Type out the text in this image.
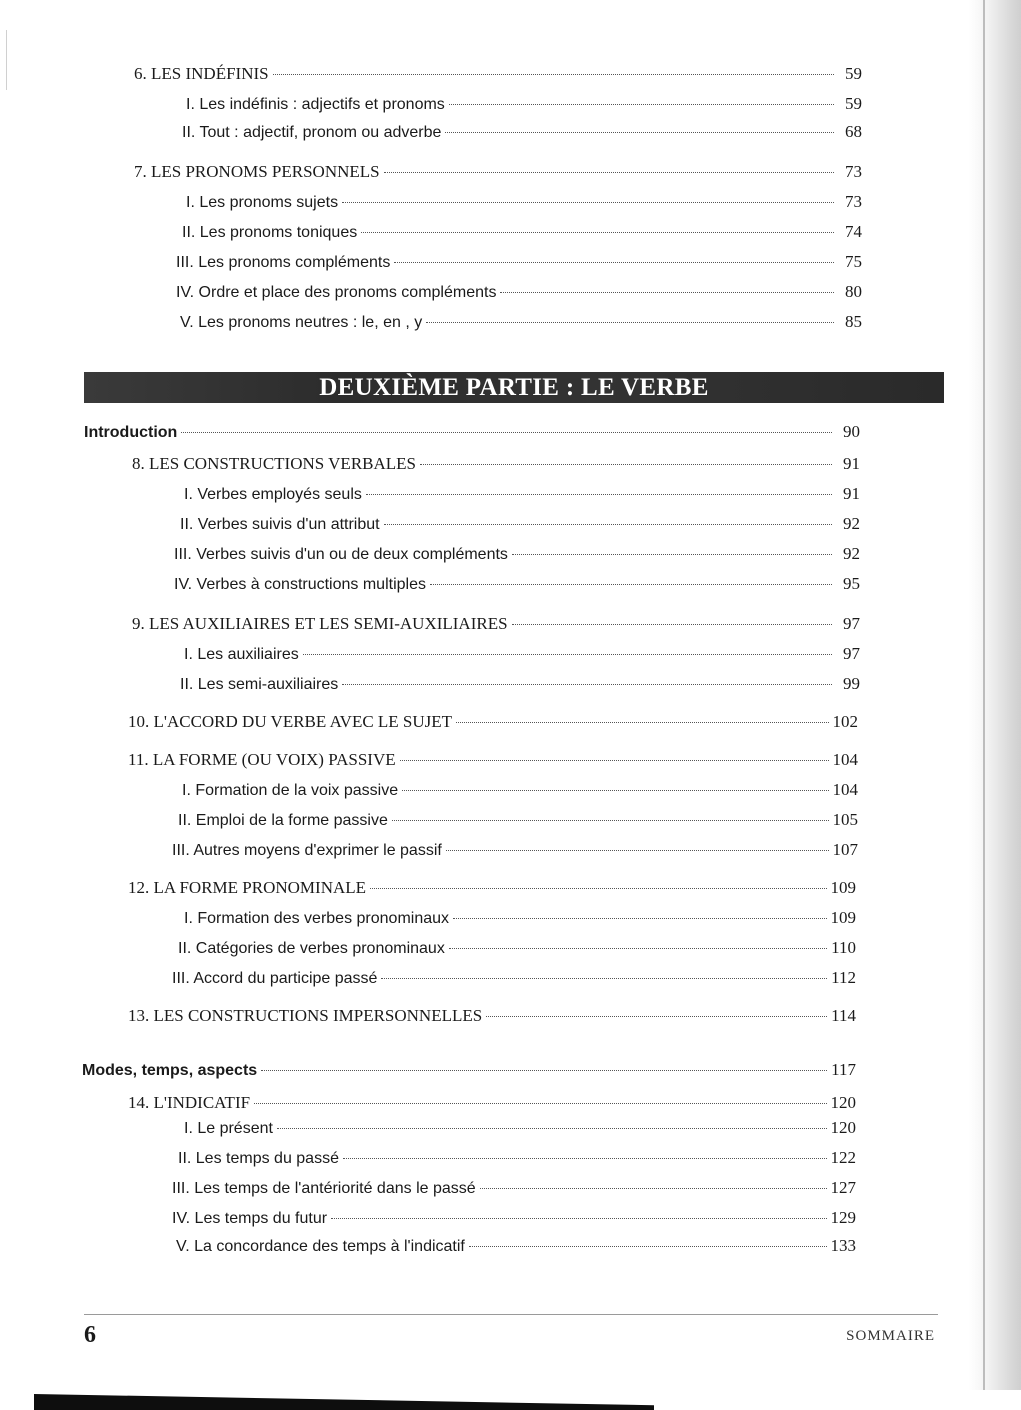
6. LES INDÉFINIS	59
I. Les indéfinis : adjectifs et pronoms	59
II. Tout : adjectif, pronom ou adverbe	68
7. LES PRONOMS PERSONNELS	73
I. Les pronoms sujets	73
II. Les pronoms toniques	74
III. Les pronoms compléments	75
IV. Ordre et place des pronoms compléments	80
V. Les pronoms neutres : le, en , y	85
DEUXIÈME PARTIE : LE VERBE
Introduction	90
8. LES CONSTRUCTIONS VERBALES	91
I. Verbes employés seuls	91
II. Verbes suivis d'un attribut	92
III. Verbes suivis d'un ou de deux compléments	92
IV. Verbes à constructions multiples	95
9. LES AUXILIAIRES ET LES SEMI-AUXILIAIRES	97
I. Les auxiliaires	97
II. Les semi-auxiliaires	99
10. L'ACCORD DU VERBE AVEC LE SUJET	102
11. LA FORME (OU VOIX) PASSIVE	104
I. Formation de la voix passive	104
II. Emploi de la forme passive	105
III. Autres moyens d'exprimer le passif	107
12. LA FORME PRONOMINALE	109
I. Formation des verbes pronominaux	109
II. Catégories de verbes pronominaux	110
III. Accord du participe passé	112
13. LES CONSTRUCTIONS IMPERSONNELLES	114
Modes, temps, aspects	117
14. L'INDICATIF	120
I. Le présent	120
II. Les temps du passé	122
III. Les temps de l'antériorité dans le passé	127
IV. Les temps du futur	129
V. La concordance des temps à l'indicatif	133
6	SOMMAIRE
